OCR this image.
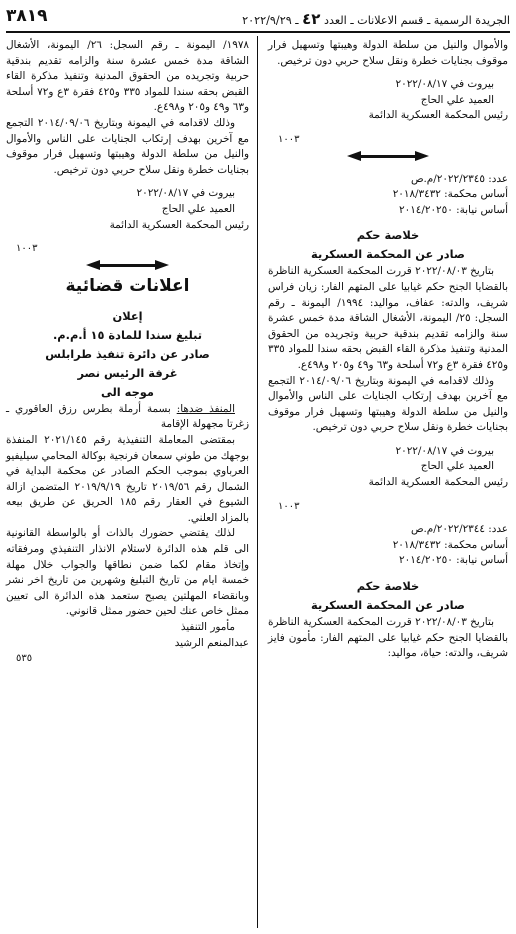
٣٨١٩	الجريدة الرسمية ـ قسم الاعلانات ـ العدد ٤٢ ـ ٢٠٢٢/٩/٢٩

والأموال والنيل من سلطة الدولة وهيبتها وتسهيل فرار موقوف بجنايات خطرة ونقل سلاح حربي دون ترخيص.

بيروت في ٢٠٢٢/٠٨/١٧

العميد علي الحاج

رئيس المحكمة العسكرية الدائمة

١٠٠٣

عدد: ٢٠٢٢/٢٣٤٥/م.ص

أساس محكمة: ٢٠١٨/٣٤٣٢

أساس نيابة: ٢٠١٤/٢٠٢٥٠

خلاصة حكم

صادر عن المحكمة العسكرية

بتاريخ ٢٠٢٢/٠٨/٠٣ قررت المحكمة العسكرية الناظرة بالقضايا الجنح حكم غيابيا على المتهم الفار: زيان فراس شريف، والدته: عفاف، مواليد: ١٩٩٤/ اليمونة ـ رقم السجل: ٢٥/ اليمونة، الأشغال الشاقة مدة خمس عشرة سنة والزامه تقديم بندقية حربية وتجريده من الحقوق المدنية وتنفيذ مذكرة القاء القبض بحقه سندا للمواد ٣٣٥ و٤٢٥ فقرة ٣ع و٧٢ أسلحة و٦٣ و٤٩ و٢٠٥ و٤٩٨ع.

وذلك لاقدامه في اليمونة وبتاريخ ٢٠١٤/٠٩/٠٦ التجمع مع آخرين بهدف إرتكاب الجنايات على الناس والأموال والنيل من سلطة الدولة وهيبتها وتسهيل فرار موقوف بجنايات خطرة ونقل سلاح حربي دون ترخيص.

بيروت في ٢٠٢٢/٠٨/١٧

العميد علي الحاج

رئيس المحكمة العسكرية الدائمة

١٠٠٣

عدد: ٢٠٢٢/٢٣٤٤/م.ص

أساس محكمة: ٢٠١٨/٣٤٣٢

أساس نيابة: ٢٠١٤/٢٠٢٥٠

خلاصة حكم

صادر عن المحكمة العسكرية

بتاريخ ٢٠٢٢/٠٨/٠٣ قررت المحكمة العسكرية الناظرة بالقضايا الجنح حكم غيابيا على المتهم الفار: مأمون فايز شريف، والدته: حياة، مواليد:

١٩٧٨/ اليمونة ـ رقم السجل: ٢٦/ اليمونة، الأشغال الشاقة مدة خمس عشرة سنة والزامه تقديم بندقية حربية وتجريده من الحقوق المدنية وتنفيذ مذكرة القاء القبض بحقه سندا للمواد ٣٣٥ و٤٢٥ فقرة ٣ع و٧٢ أسلحة و٦٣ و٤٩ و٢٠٥ و٤٩٨ع.

وذلك لاقدامه في اليمونة وبتاريخ ٢٠١٤/٠٩/٠٦ التجمع مع آخرين بهدف إرتكاب الجنايات على الناس والأموال والنيل من سلطة الدولة وهيبتها وتسهيل فرار موقوف بجنايات خطرة ونقل سلاح حربي دون ترخيص.

بيروت في ٢٠٢٢/٠٨/١٧

العميد علي الحاج

رئيس المحكمة العسكرية الدائمة

١٠٠٣

اعلانات قضائية

إعلان

تبليغ سندا للمادة ١٥ أ.م.م.

صادر عن دائرة تنفيذ طرابلس

غرفة الرئيس نصر

موجه الى

المنفذ ضدها: بسمة أرملة بطرس رزق العاقوري ـ زغرتا مجهولة الإقامة

بمقتضى المعاملة التنفيذية رقم ٢٠٢١/١٤٥ المنفذة بوجهك من طوني سمعان فرنجية بوكالة المحامي سيليفيو العرباوي بموجب الحكم الصادر عن محكمة البداية في الشمال رقم ٢٠١٩/٥٦ تاريخ ٢٠١٩/٩/١٩ المتضمن ازالة الشيوع في العقار رقم ١٨٥ الحريق عن طريق بيعه بالمزاد العلني.

لذلك يقتضي حضورك بالذات أو بالواسطة القانونية الى قلم هذه الدائرة لاستلام الانذار التنفيذي ومرفقاته وإتخاذ مقام لكما ضمن نطاقها والجواب خلال مهلة خمسة ايام من تاريخ التبليغ وشهرين من تاريخ اخر نشر وبانقضاء المهلتين يصبح ستعمد هذه الدائرة الى تعيين ممثل خاص عنك لحين حضور ممثل قانوني.

مأمور التنفيذ

عبدالمنعم الرشيد

٥٣٥
